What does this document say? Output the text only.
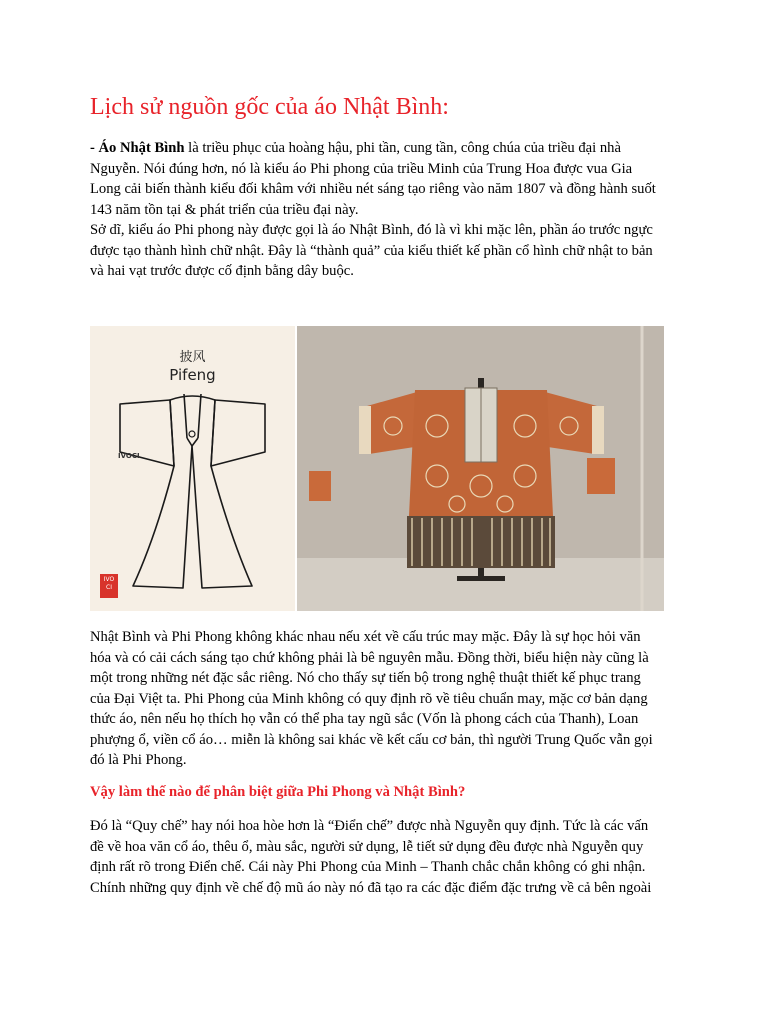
Lịch sử nguồn gốc của áo Nhật Bình:

- Áo Nhật Bình là triều phục của hoàng hậu, phi tần, cung tần, công chúa của triều đại nhà
Nguyễn. Nói đúng hơn, nó là kiểu áo Phi phong của triều Minh của Trung Hoa được vua Gia
Long cải biến thành kiểu đối khâm với nhiều nét sáng tạo riêng vào năm 1807 và đồng hành suốt
143 năm tồn tại & phát triển của triều đại này.
Sở dĩ, kiểu áo Phi phong này được gọi là áo Nhật Bình, đó là vì khi mặc lên, phần áo trước ngực
được tạo thành hình chữ nhật. Đây là “thành quả” của kiểu thiết kế phần cổ hình chữ nhật to bản
và hai vạt trước được cố định bằng dây buộc.

披风
Pifeng
IVOCI
IVO CI

Nhật Bình và Phi Phong không khác nhau nếu xét về cấu trúc may mặc. Đây là sự học hỏi văn
hóa và có cải cách sáng tạo chứ không phải là bê nguyên mẫu. Đồng thời, biểu hiện này cũng là
một trong những nét đặc sắc riêng. Nó cho thấy sự tiến bộ trong nghệ thuật thiết kế phục trang
của Đại Việt ta. Phi Phong của Minh không có quy định rõ về tiêu chuẩn may, mặc cơ bản dạng
thức áo, nên nếu họ thích họ vẫn có thể pha tay ngũ sắc (Vốn là phong cách của Thanh), Loan
phượng ổ, viền cổ áo… miễn là không sai khác về kết cấu cơ bản, thì người Trung Quốc vẫn gọi
đó là Phi Phong.

Vậy làm thế nào để phân biệt giữa Phi Phong và Nhật Bình?

Đó là “Quy chế” hay nói hoa hòe hơn là “Điển chế” được nhà Nguyễn quy định. Tức là các vấn
đề về hoa văn cổ áo, thêu ổ, màu sắc, người sử dụng, lễ tiết sử dụng đều được nhà Nguyễn quy
định rất rõ trong Điển chế. Cái này Phi Phong của Minh – Thanh chắc chắn không có ghi nhận.
Chính những quy định về chế độ mũ áo này nó đã tạo ra các đặc điểm đặc trưng về cả bên ngoài
